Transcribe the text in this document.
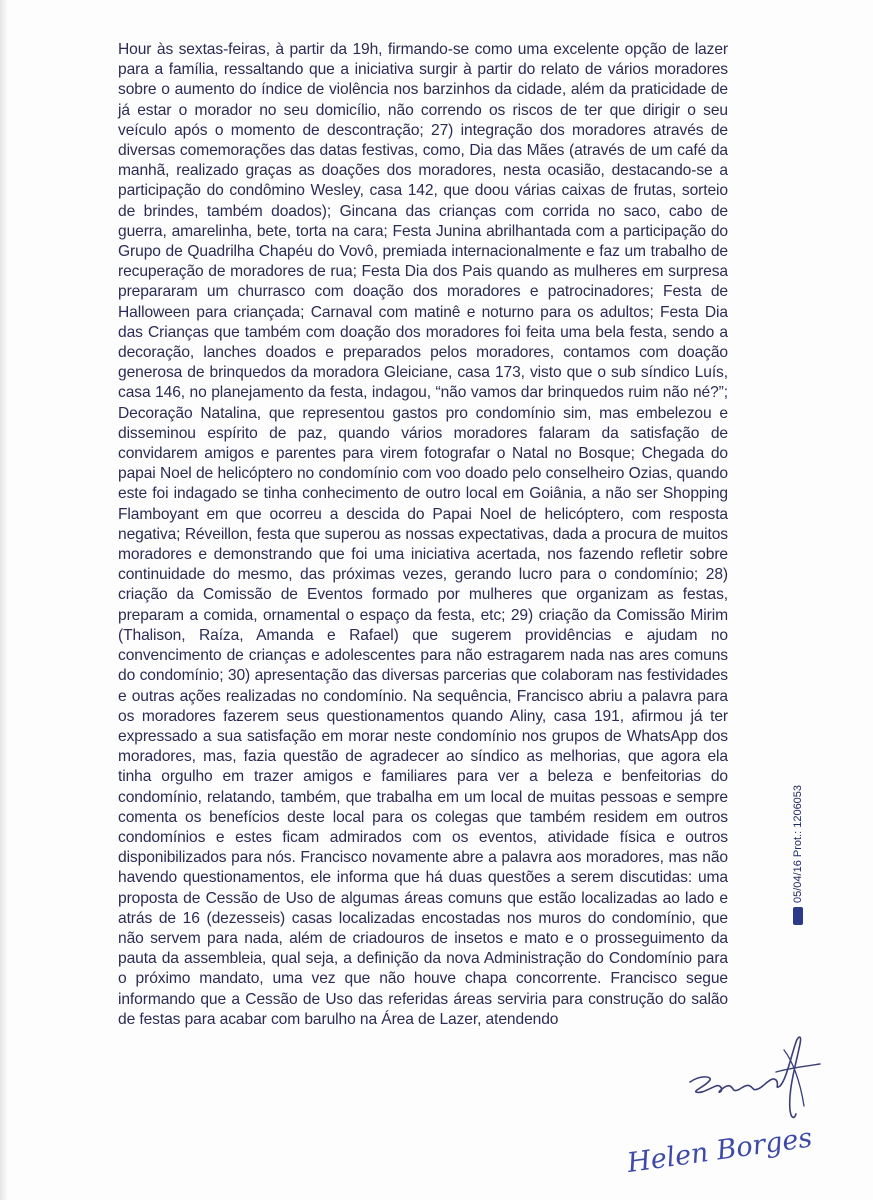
Hour às sextas-feiras, à partir da 19h, firmando-se como uma excelente opção de lazer para a família, ressaltando que a iniciativa surgir à partir do relato de vários moradores sobre o aumento do índice de violência nos barzinhos da cidade, além da praticidade de já estar o morador no seu domicílio, não correndo os riscos de ter que dirigir o seu veículo após o momento de descontração; 27) integração dos moradores através de diversas comemorações das datas festivas, como, Dia das Mães (através de um café da manhã, realizado graças as doações dos moradores, nesta ocasião, destacando-se a participação do condômino Wesley, casa 142, que doou várias caixas de frutas, sorteio de brindes, também doados); Gincana das crianças com corrida no saco, cabo de guerra, amarelinha, bete, torta na cara; Festa Junina abrilhantada com a participação do Grupo de Quadrilha Chapéu do Vovô, premiada internacionalmente e faz um trabalho de recuperação de moradores de rua; Festa Dia dos Pais quando as mulheres em surpresa prepararam um churrasco com doação dos moradores e patrocinadores; Festa de Halloween para criançada; Carnaval com matinê e noturno para os adultos; Festa Dia das Crianças que também com doação dos moradores foi feita uma bela festa, sendo a decoração, lanches doados e preparados pelos moradores, contamos com doação generosa de brinquedos da moradora Gleiciane, casa 173, visto que o sub síndico Luís, casa 146, no planejamento da festa, indagou, “não vamos dar brinquedos ruim não né?”; Decoração Natalina, que representou gastos pro condomínio sim, mas embelezou e disseminou espírito de paz, quando vários moradores falaram da satisfação de convidarem amigos e parentes para virem fotografar o Natal no Bosque; Chegada do papai Noel de helicóptero no condomínio com voo doado pelo conselheiro Ozias, quando este foi indagado se tinha conhecimento de outro local em Goiânia, a não ser Shopping Flamboyant em que ocorreu a descida do Papai Noel de helicóptero, com resposta negativa; Réveillon, festa que superou as nossas expectativas, dada a procura de muitos moradores e demonstrando que foi uma iniciativa acertada, nos fazendo refletir sobre continuidade do mesmo, das próximas vezes, gerando lucro para o condomínio; 28) criação da Comissão de Eventos formado por mulheres que organizam as festas, preparam a comida, ornamental o espaço da festa, etc; 29) criação da Comissão Mirim (Thalison, Raíza, Amanda e Rafael) que sugerem providências e ajudam no convencimento de crianças e adolescentes para não estragarem nada nas ares comuns do condomínio; 30) apresentação das diversas parcerias que colaboram nas festividades e outras ações realizadas no condomínio. Na sequência, Francisco abriu a palavra para os moradores fazerem seus questionamentos quando Aliny, casa 191, afirmou já ter expressado a sua satisfação em morar neste condomínio nos grupos de WhatsApp dos moradores, mas, fazia questão de agradecer ao síndico as melhorias, que agora ela tinha orgulho em trazer amigos e familiares para ver a beleza e benfeitorias do condomínio, relatando, também, que trabalha em um local de muitas pessoas e sempre comenta os benefícios deste local para os colegas que também residem em outros condomínios e estes ficam admirados com os eventos, atividade física e outros disponibilizados para nós. Francisco novamente abre a palavra aos moradores, mas não havendo questionamentos, ele informa que há duas questões a serem discutidas: uma proposta de Cessão de Uso de algumas áreas comuns que estão localizadas ao lado e atrás de 16 (dezesseis) casas localizadas encostadas nos muros do condomínio, que não servem para nada, além de criadouros de insetos e mato e o prosseguimento da pauta da assembleia, qual seja, a definição da nova Administração do Condomínio para o próximo mandato, uma vez que não houve chapa concorrente. Francisco segue informando que a Cessão de Uso das referidas áreas serviria para construção do salão de festas para acabar com barulho na Área de Lazer, atendendo

05/04/16 Prot.: 1206053
Helen Borges
